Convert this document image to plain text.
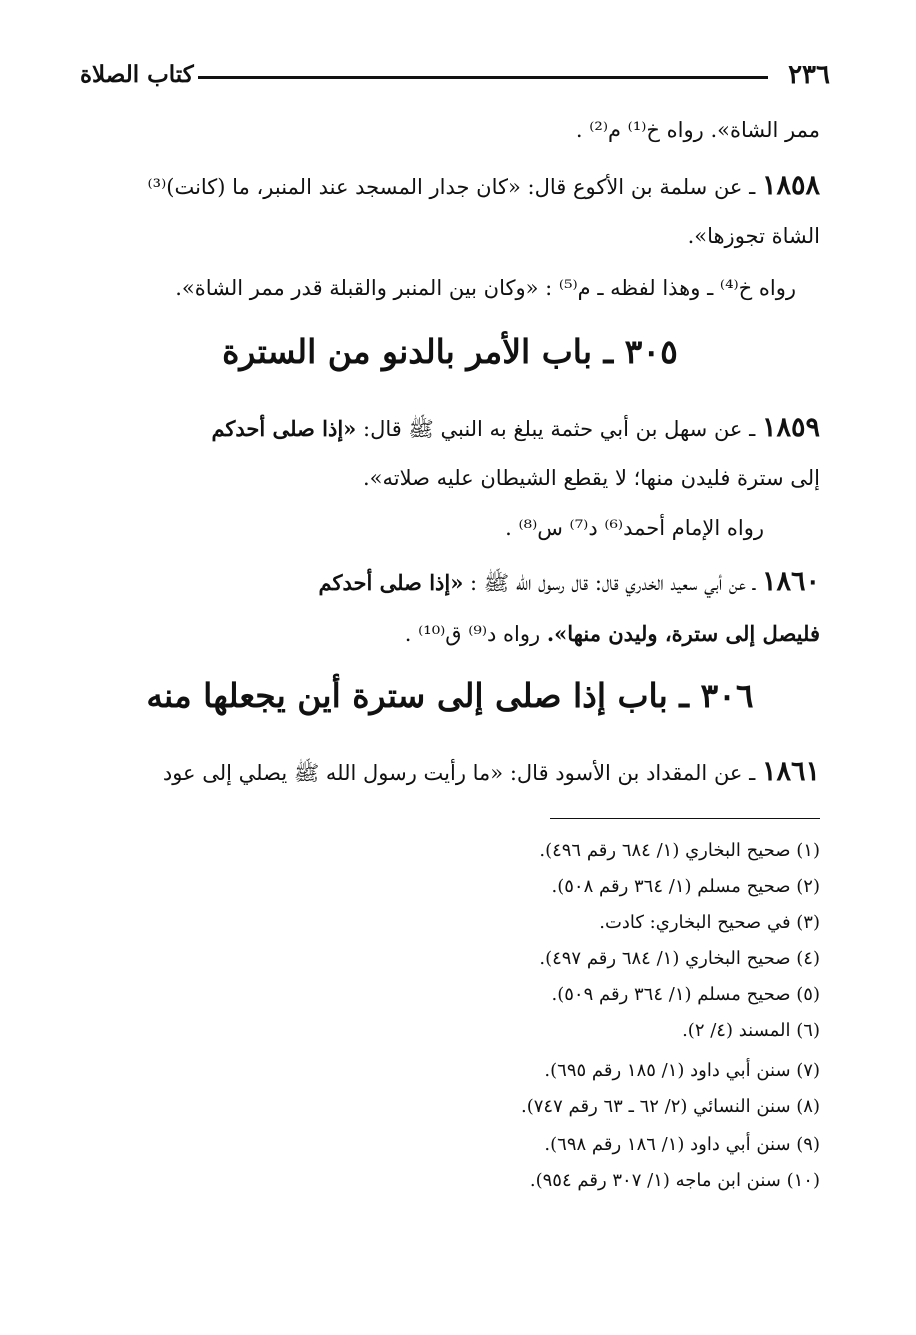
٢٣٦
كتاب الصلاة
ممر الشاة». رواه خ⁽¹⁾ م⁽²⁾ .
١٨٥٨ ـ عن سلمة بن الأكوع قال: «كان جدار المسجد عند المنبر، ما (كانت)⁽³⁾
الشاة تجوزها».
رواه خ⁽⁴⁾ ـ وهذا لفظه ـ م⁽⁵⁾ : «وكان بين المنبر والقبلة قدر ممر الشاة».
٣٠٥ ـ باب الأمر بالدنو من السترة
١٨٥٩ ـ عن سهل بن أبي حثمة يبلغ به النبي ﷺ قال: «إذا صلى أحدكم
إلى سترة فليدن منها؛ لا يقطع الشيطان عليه صلاته».
رواه الإمام أحمد⁽⁶⁾ د⁽⁷⁾ س⁽⁸⁾ .
١٨٦٠ ـ عن أبي سعيد الخدري قال: قال رسول الله ﷺ : «إذا صلى أحدكم
فليصل إلى سترة، وليدن منها». رواه د⁽⁹⁾ ق⁽¹⁰⁾ .
٣٠٦ ـ باب إذا صلى إلى سترة أين يجعلها منه
١٨٦١ ـ عن المقداد بن الأسود قال: «ما رأيت رسول الله ﷺ يصلي إلى عود
(١) صحيح البخاري (١/ ٦٨٤ رقم ٤٩٦).
(٢) صحيح مسلم (١/ ٣٦٤ رقم ٥٠٨).
(٣) في صحيح البخاري: كادت.
(٤) صحيح البخاري (١/ ٦٨٤ رقم ٤٩٧).
(٥) صحيح مسلم (١/ ٣٦٤ رقم ٥٠٩).
(٦) المسند (٤/ ٢).
(٧) سنن أبي داود (١/ ١٨٥ رقم ٦٩٥).
(٨) سنن النسائي (٢/ ٦٢ ـ ٦٣ رقم ٧٤٧).
(٩) سنن أبي داود (١/ ١٨٦ رقم ٦٩٨).
(١٠) سنن ابن ماجه (١/ ٣٠٧ رقم ٩٥٤).
